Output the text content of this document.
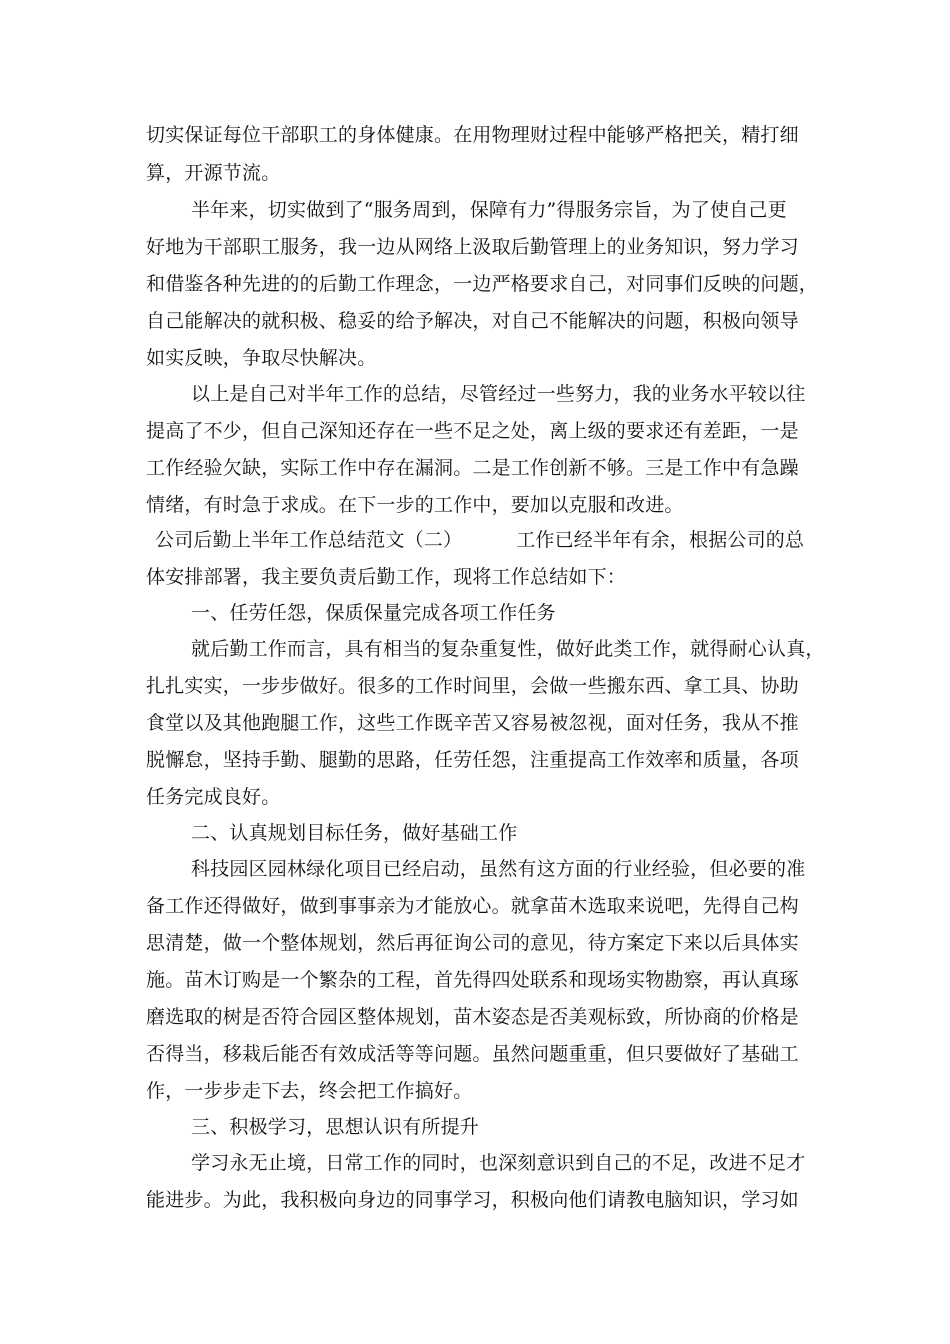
切实保证每位干部职工的身体健康。在用物理财过程中能够严格把关，精打细
算，开源节流。
半年来，切实做到了“服务周到，保障有力”得服务宗旨，为了使自己更
好地为干部职工服务，我一边从网络上汲取后勤管理上的业务知识，努力学习
和借鉴各种先进的的后勤工作理念，一边严格要求自己，对同事们反映的问题，
自己能解决的就积极、稳妥的给予解决，对自己不能解决的问题，积极向领导
如实反映，争取尽快解决。
以上是自己对半年工作的总结，尽管经过一些努力，我的业务水平较以往
提高了不少，但自己深知还存在一些不足之处，离上级的要求还有差距，一是
工作经验欠缺，实际工作中存在漏洞。二是工作创新不够。三是工作中有急躁
情绪，有时急于求成。在下一步的工作中，要加以克服和改进。
公司后勤上半年工作总结范文（二）	工作已经半年有余，根据公司的总
体安排部署，我主要负责后勤工作，现将工作总结如下：
一、任劳任怨，保质保量完成各项工作任务
就后勤工作而言，具有相当的复杂重复性，做好此类工作，就得耐心认真，
扎扎实实，一步步做好。很多的工作时间里，会做一些搬东西、拿工具、协助
食堂以及其他跑腿工作，这些工作既辛苦又容易被忽视，面对任务，我从不推
脱懈怠，坚持手勤、腿勤的思路，任劳任怨，注重提高工作效率和质量，各项
任务完成良好。
二、认真规划目标任务，做好基础工作
科技园区园林绿化项目已经启动，虽然有这方面的行业经验，但必要的准
备工作还得做好，做到事事亲为才能放心。就拿苗木选取来说吧，先得自己构
思清楚，做一个整体规划，然后再征询公司的意见，待方案定下来以后具体实
施。苗木订购是一个繁杂的工程，首先得四处联系和现场实物勘察，再认真琢
磨选取的树是否符合园区整体规划，苗木姿态是否美观标致，所协商的价格是
否得当，移栽后能否有效成活等等问题。虽然问题重重，但只要做好了基础工
作，一步步走下去，终会把工作搞好。
三、积极学习，思想认识有所提升
学习永无止境，日常工作的同时，也深刻意识到自己的不足，改进不足才
能进步。为此，我积极向身边的同事学习，积极向他们请教电脑知识，学习如
